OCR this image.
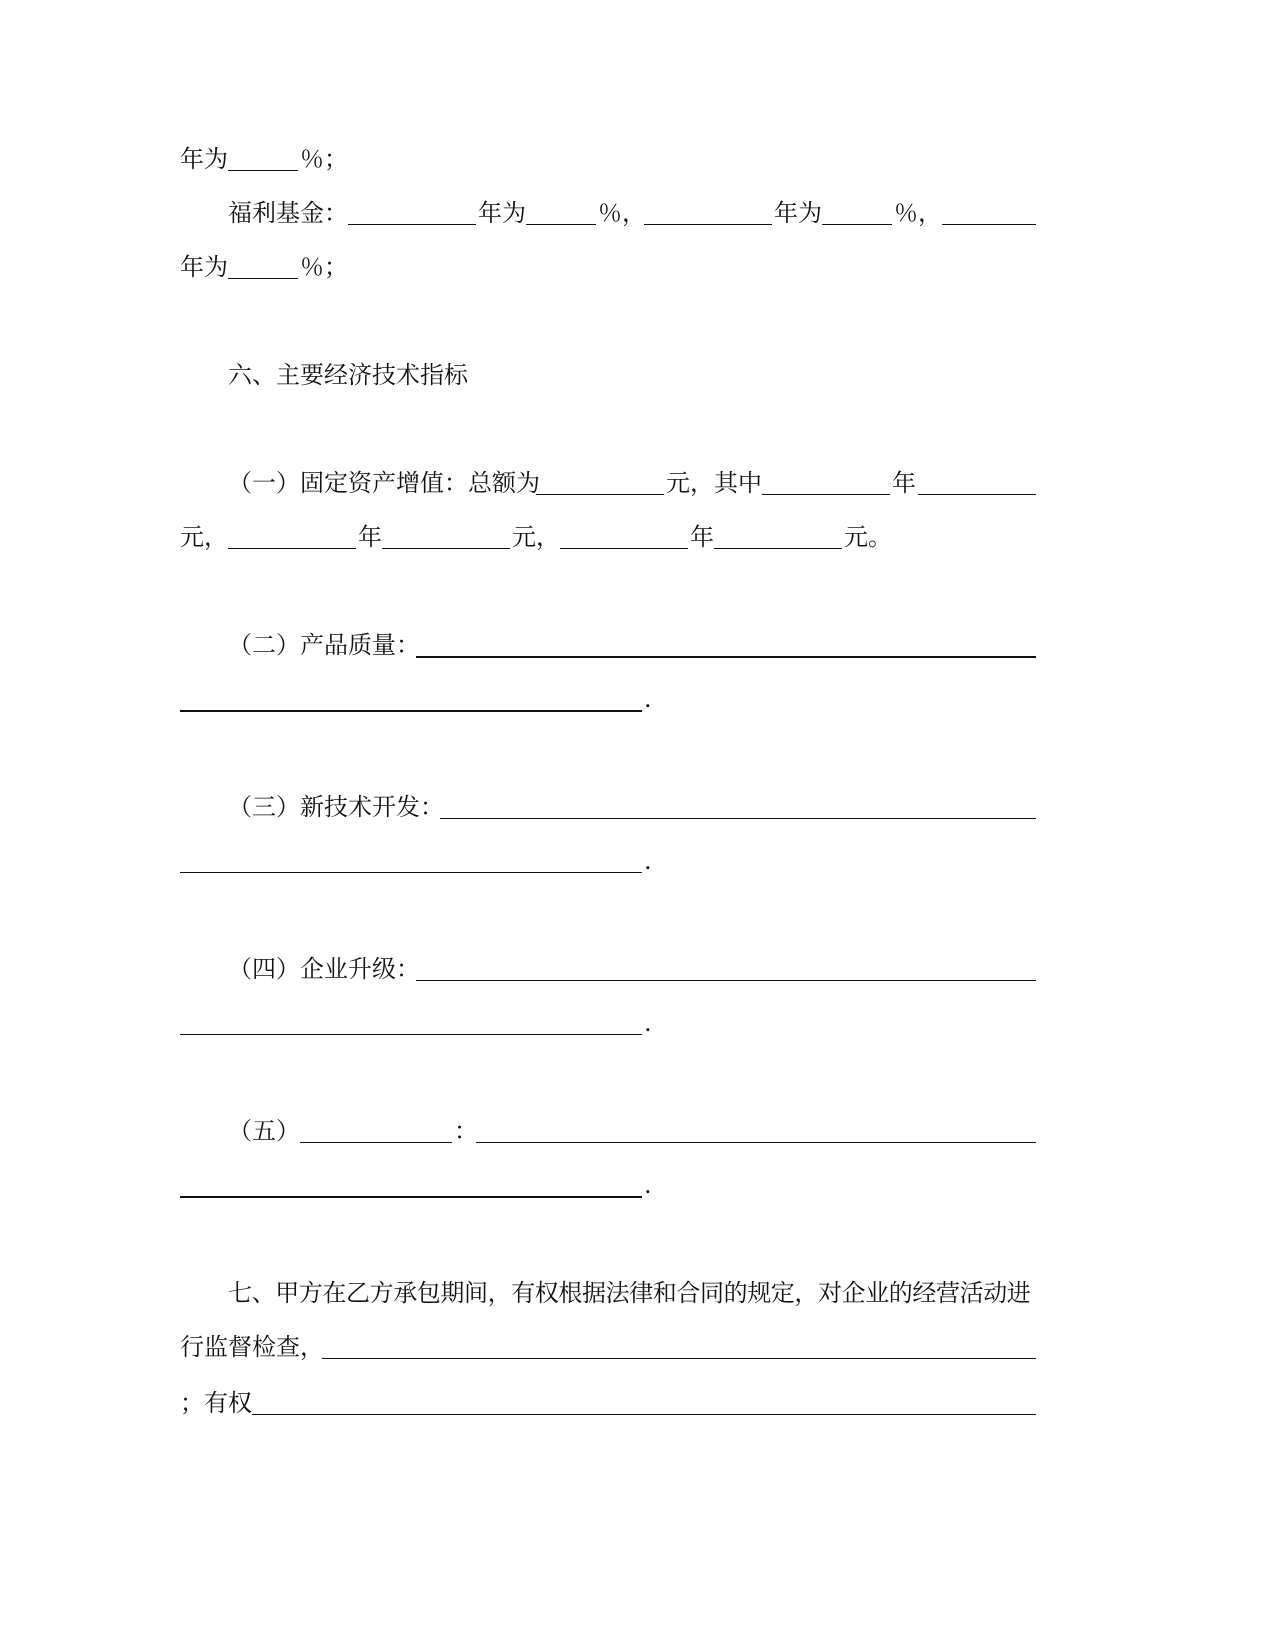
年为	％；
福利基金：	年为	％，	年为	％，
年为	％；
六、主要经济技术指标
（一）固定资产增值：总额为	元，其中	年
元，	年	元，	年	元。
（二）产品质量：
.
（三）新技术开发：
.
（四）企业升级：
.
（五）	：
.
七、甲方在乙方承包期间，有权根据法律和合同的规定，对企业的经营活动进
行监督检查，
；有权
